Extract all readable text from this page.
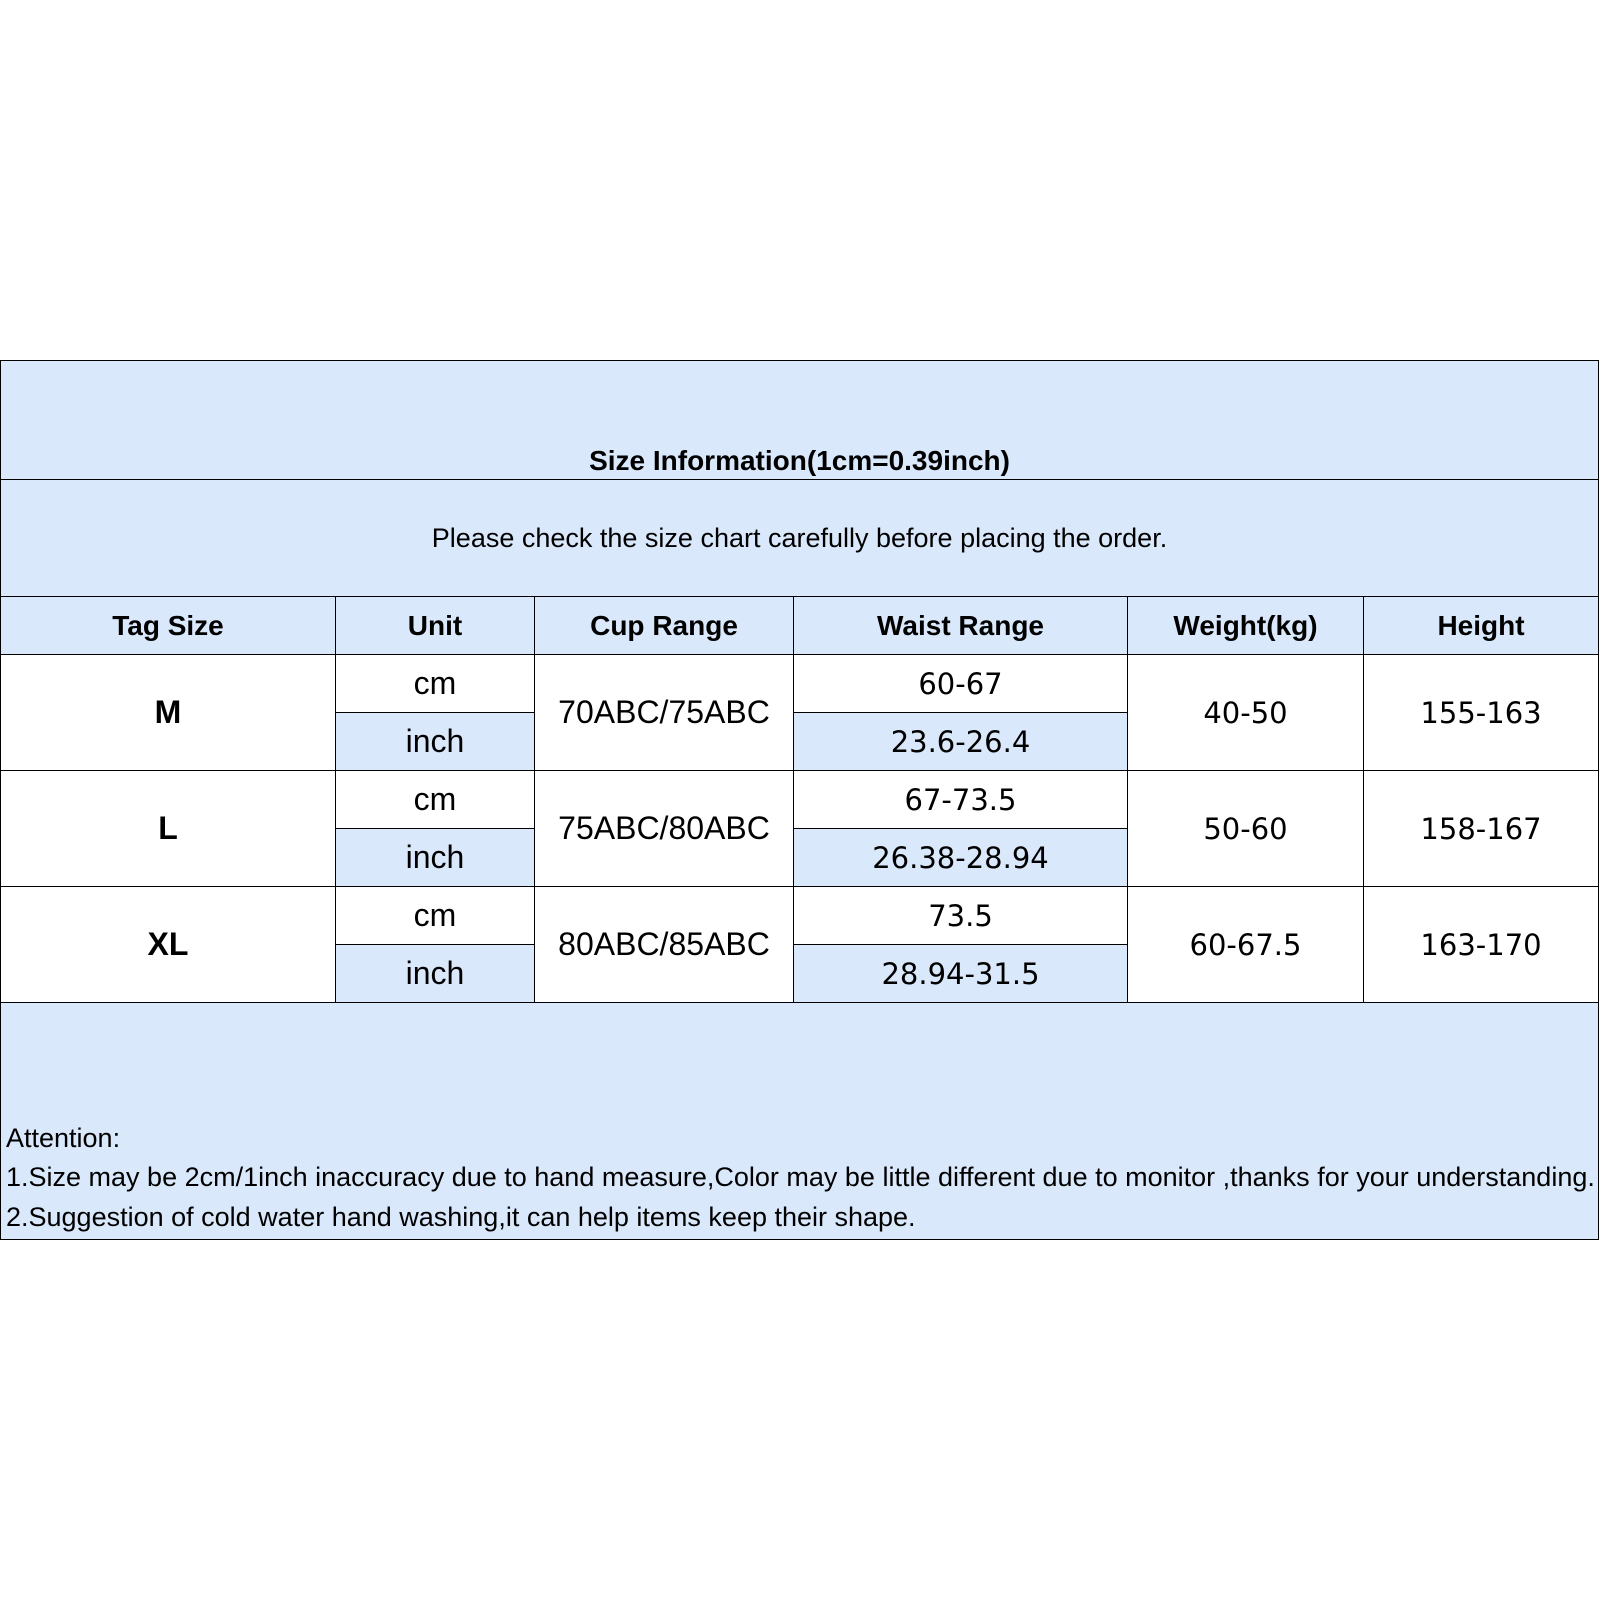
Size Information(1cm=0.39inch)					
Please check the size chart carefully before placing the order.					
Tag Size	Unit	Cup Range	Waist Range	Weight(kg)	Height
M	cm	70ABC/75ABC	60-67	40-50	155-163
	inch		23.6-26.4		
L	cm	75ABC/80ABC	67-73.5	50-60	158-167
	inch		26.38-28.94		
XL	cm	80ABC/85ABC	73.5	60-67.5	163-170
	inch		28.94-31.5		

Attention:
1.Size may be 2cm/1inch inaccuracy due to hand measure,Color may be little different due to monitor ,thanks for your understanding.
2.Suggestion of cold water hand washing,it can help items keep their shape.					
